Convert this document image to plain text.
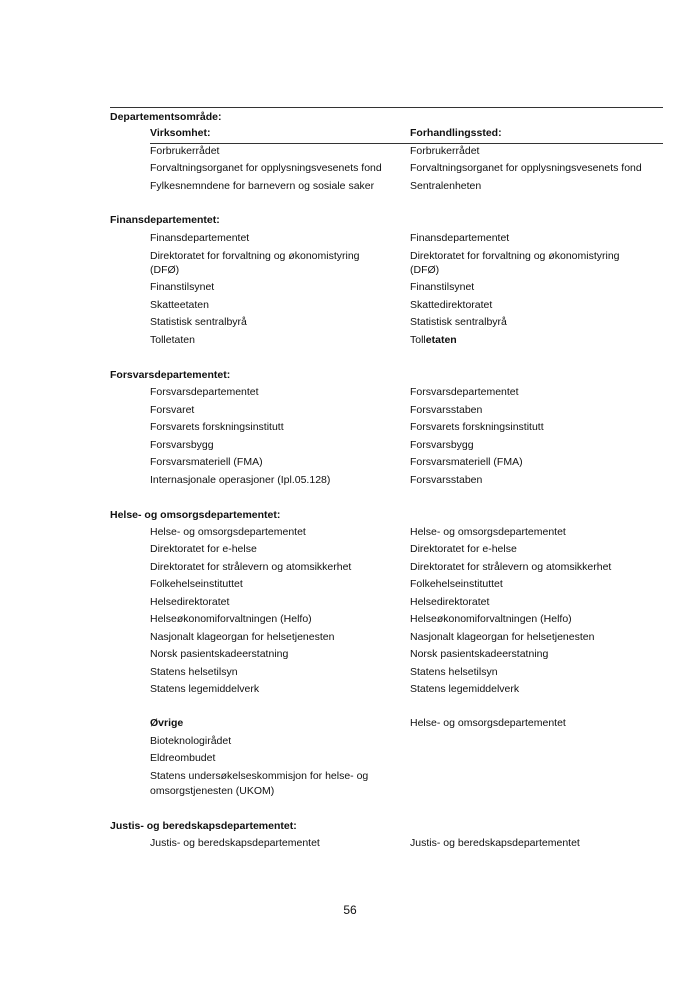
Departementsområde:
Virksomhet:	Forhandlingssted:
Forbrukerrådet	Forbrukerrådet
Forvaltningsorganet for opplysningsvesenets fond	Forvaltningsorganet for opplysningsvesenets fond
Fylkesnemndene for barnevern og sosiale saker	Sentralenheten
Finansdepartementet:
Finansdepartementet	Finansdepartementet
Direktoratet for forvaltning og økonomistyring	Direktoratet for forvaltning og økonomistyring
(DFØ)	(DFØ)
Finanstilsynet	Finanstilsynet
Skatteetaten	Skattedirektoratet
Statistisk sentralbyrå	Statistisk sentralbyrå
Tolletaten	Tolletaten
Forsvarsdepartementet:
Forsvarsdepartementet	Forsvarsdepartementet
Forsvaret	Forsvarsstaben
Forsvarets forskningsinstitutt	Forsvarets forskningsinstitutt
Forsvarsbygg	Forsvarsbygg
Forsvarsmateriell (FMA)	Forsvarsmateriell (FMA)
Internasjonale operasjoner (Ipl.05.128)	Forsvarsstaben
Helse- og omsorgsdepartementet:
Helse- og omsorgsdepartementet	Helse- og omsorgsdepartementet
Direktoratet for e-helse	Direktoratet for e-helse
Direktoratet for strålevern og atomsikkerhet	Direktoratet for strålevern og atomsikkerhet
Folkehelseinstituttet	Folkehelseinstituttet
Helsedirektoratet	Helsedirektoratet
Helseøkonomiforvaltningen (Helfo)	Helseøkonomiforvaltningen (Helfo)
Nasjonalt klageorgan for helsetjenesten	Nasjonalt klageorgan for helsetjenesten
Norsk pasientskadeerstatning	Norsk pasientskadeerstatning
Statens helsetilsyn	Statens helsetilsyn
Statens legemiddelverk	Statens legemiddelverk
Øvrige	Helse- og omsorgsdepartementet
Bioteknologirådet
Eldreombudet
Statens undersøkelseskommisjon for helse- og
omsorgstjenesten (UKOM)
Justis- og beredskapsdepartementet:
Justis- og beredskapsdepartementet	Justis- og beredskapsdepartementet
56
